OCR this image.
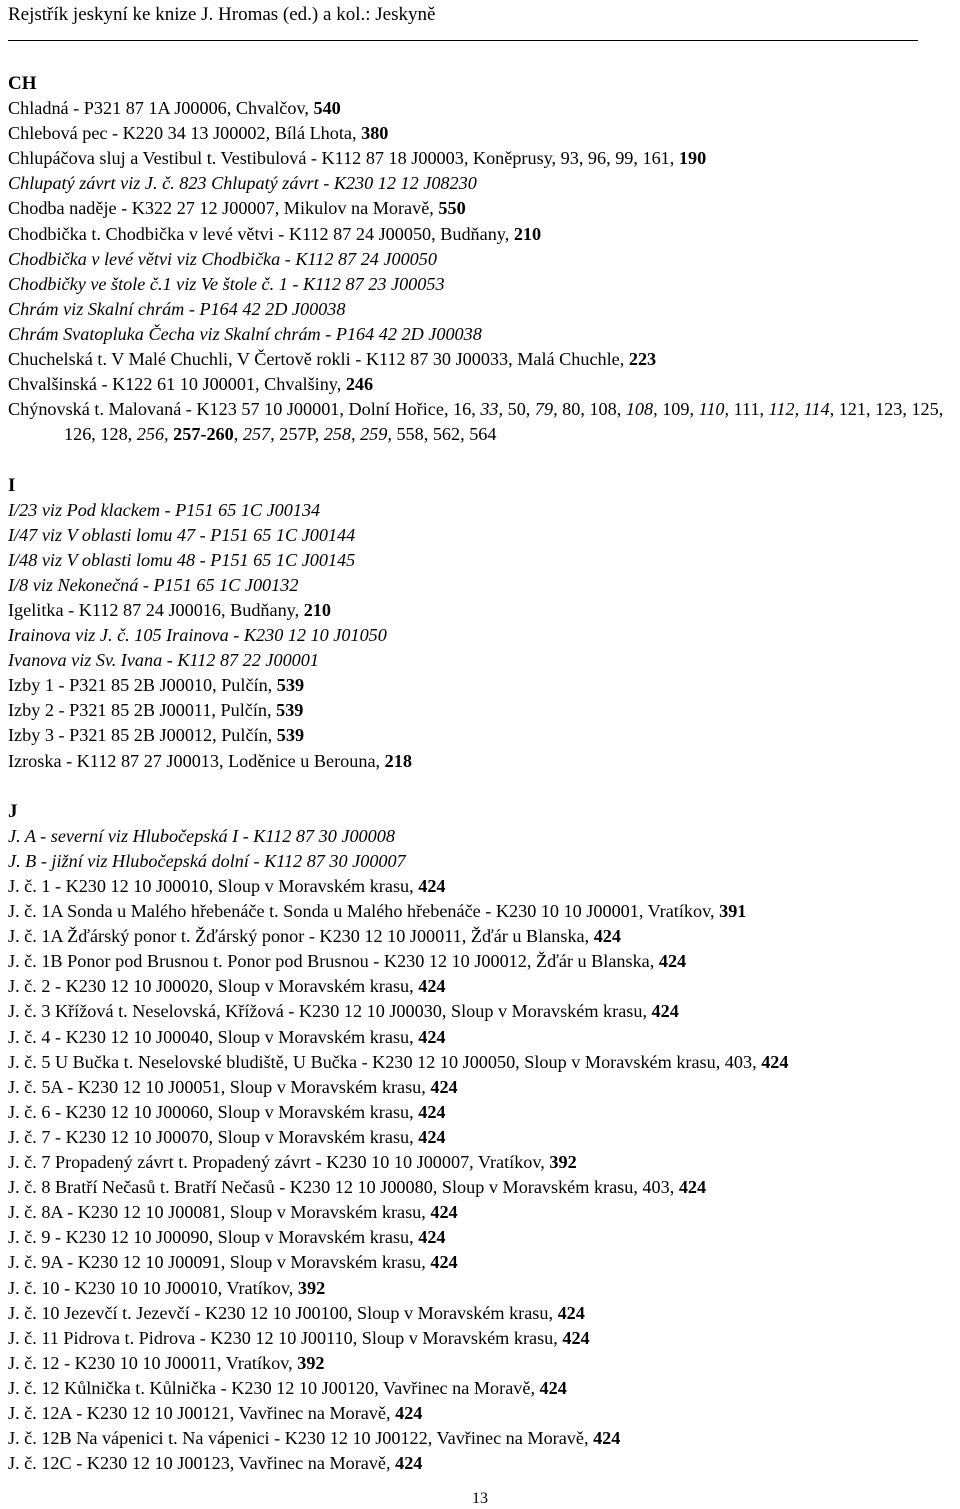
Rejstřík jeskyní ke knize J. Hromas (ed.) a kol.: Jeskyně
CH
Chladná - P321 87 1A J00006, Chvalčov, 540
Chlebová pec - K220 34 13 J00002, Bílá Lhota, 380
Chlupáčova sluj a Vestibul t. Vestibulová - K112 87 18 J00003, Koněprusy, 93, 96, 99, 161, 190
Chlupatý závrt viz J. č. 823 Chlupatý závrt - K230 12 12 J08230
Chodba naděje - K322 27 12 J00007, Mikulov na Moravě, 550
Chodbička t. Chodbička v levé větvi - K112 87 24 J00050, Budňany, 210
Chodbička v levé větvi viz Chodbička - K112 87 24 J00050
Chodbičky ve štole č.1 viz Ve štole č. 1 - K112 87 23 J00053
Chrám viz Skalní chrám - P164 42 2D J00038
Chrám Svatopluka Čecha viz Skalní chrám - P164 42 2D J00038
Chuchelská t. V Malé Chuchli, V Čertově rokli - K112 87 30 J00033, Malá Chuchle, 223
Chvalšinská - K122 61 10 J00001, Chvalšiny, 246
Chýnovská t. Malovaná - K123 57 10 J00001, Dolní Hořice, 16, 33, 50, 79, 80, 108, 108, 109, 110, 111, 112, 114, 121, 123, 125, 126, 128, 256, 257-260, 257, 257P, 258, 259, 558, 562, 564
I
I/23 viz Pod klackem - P151 65 1C J00134
I/47 viz V oblasti lomu 47 - P151 65 1C J00144
I/48 viz V oblasti lomu 48 - P151 65 1C J00145
I/8 viz Nekonečná - P151 65 1C J00132
Igelitka - K112 87 24 J00016, Budňany, 210
Irainova viz J. č. 105 Irainova - K230 12 10 J01050
Ivanova viz Sv. Ivana - K112 87 22 J00001
Izby 1 - P321 85 2B J00010, Pulčín, 539
Izby 2 - P321 85 2B J00011, Pulčín, 539
Izby 3 - P321 85 2B J00012, Pulčín, 539
Izroska - K112 87 27 J00013, Loděnice u Berouna, 218
J
J. A - severní viz Hlubočepská I - K112 87 30 J00008
J. B - jižní viz Hlubočepská dolní - K112 87 30 J00007
J. č. 1 - K230 12 10 J00010, Sloup v Moravském krasu, 424
J. č. 1A Sonda u Malého hřebenáče t. Sonda u Malého hřebenáče - K230 10 10 J00001, Vratíkov, 391
J. č. 1A Žďárský ponor t. Žďárský ponor - K230 12 10 J00011, Žďár u Blanska, 424
J. č. 1B Ponor pod Brusnou t. Ponor pod Brusnou - K230 12 10 J00012, Žďár u Blanska, 424
J. č. 2 - K230 12 10 J00020, Sloup v Moravském krasu, 424
J. č. 3 Křížová t. Neselovská, Křížová - K230 12 10 J00030, Sloup v Moravském krasu, 424
J. č. 4 - K230 12 10 J00040, Sloup v Moravském krasu, 424
J. č. 5 U Bučka t. Neselovské bludiště, U Bučka - K230 12 10 J00050, Sloup v Moravském krasu, 403, 424
J. č. 5A - K230 12 10 J00051, Sloup v Moravském krasu, 424
J. č. 6 - K230 12 10 J00060, Sloup v Moravském krasu, 424
J. č. 7 - K230 12 10 J00070, Sloup v Moravském krasu, 424
J. č. 7 Propadený závrt t. Propadený závrt - K230 10 10 J00007, Vratíkov, 392
J. č. 8 Bratří Nečasů t. Bratří Nečasů - K230 12 10 J00080, Sloup v Moravském krasu, 403, 424
J. č. 8A - K230 12 10 J00081, Sloup v Moravském krasu, 424
J. č. 9 - K230 12 10 J00090, Sloup v Moravském krasu, 424
J. č. 9A - K230 12 10 J00091, Sloup v Moravském krasu, 424
J. č. 10 - K230 10 10 J00010, Vratíkov, 392
J. č. 10 Jezevčí t. Jezevčí - K230 12 10 J00100, Sloup v Moravském krasu, 424
J. č. 11 Pidrova t. Pidrova - K230 12 10 J00110, Sloup v Moravském krasu, 424
J. č. 12 - K230 10 10 J00011, Vratíkov, 392
J. č. 12 Kůlnička t. Kůlnička - K230 12 10 J00120, Vavřinec na Moravě, 424
J. č. 12A - K230 12 10 J00121, Vavřinec na Moravě, 424
J. č. 12B Na vápenici t. Na vápenici - K230 12 10 J00122, Vavřinec na Moravě, 424
J. č. 12C - K230 12 10 J00123, Vavřinec na Moravě, 424
13
